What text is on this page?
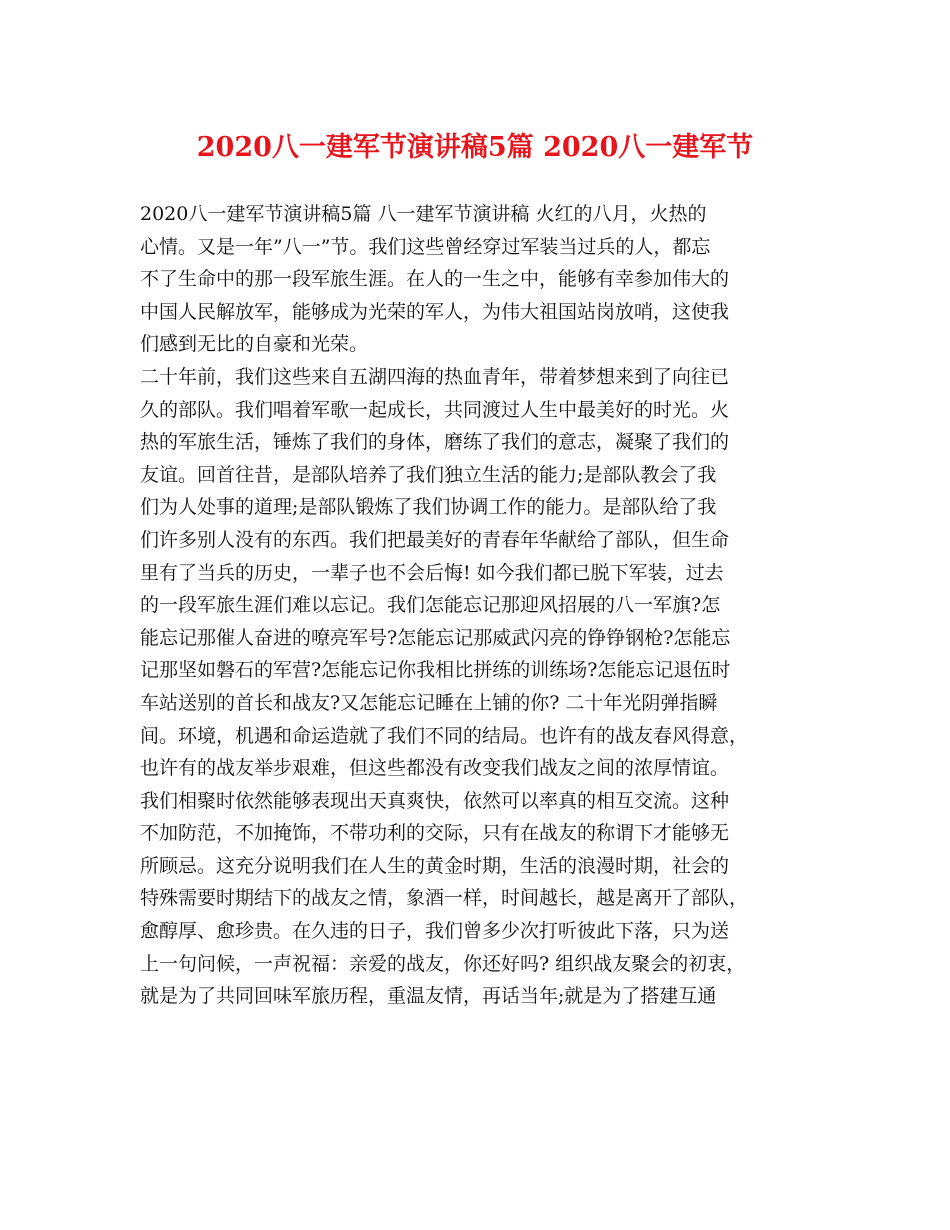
2020八一建军节演讲稿5篇 2020八一建军节
2020八一建军节演讲稿5篇 八一建军节演讲稿 火红的八月，火热的
心情。又是一年”八一”节。我们这些曾经穿过军装当过兵的人，都忘
不了生命中的那一段军旅生涯。在人的一生之中，能够有幸参加伟大的
中国人民解放军，能够成为光荣的军人，为伟大祖国站岗放哨，这使我
们感到无比的自豪和光荣。
二十年前，我们这些来自五湖四海的热血青年，带着梦想来到了向往已
久的部队。我们唱着军歌一起成长，共同渡过人生中最美好的时光。火
热的军旅生活，锤炼了我们的身体，磨练了我们的意志，凝聚了我们的
友谊。回首往昔，是部队培养了我们独立生活的能力;是部队教会了我
们为人处事的道理;是部队锻炼了我们协调工作的能力。是部队给了我
们许多别人没有的东西。我们把最美好的青春年华献给了部队，但生命
里有了当兵的历史，一辈子也不会后悔! 如今我们都已脱下军装，过去
的一段军旅生涯们难以忘记。我们怎能忘记那迎风招展的八一军旗?怎
能忘记那催人奋进的嘹亮军号?怎能忘记那威武闪亮的铮铮钢枪?怎能忘
记那坚如磐石的军营?怎能忘记你我相比拼练的训练场?怎能忘记退伍时
车站送别的首长和战友?又怎能忘记睡在上铺的你? 二十年光阴弹指瞬
间。环境，机遇和命运造就了我们不同的结局。也许有的战友春风得意，
也许有的战友举步艰难，但这些都没有改变我们战友之间的浓厚情谊。
我们相聚时依然能够表现出天真爽快，依然可以率真的相互交流。这种
不加防范，不加掩饰，不带功利的交际，只有在战友的称谓下才能够无
所顾忌。这充分说明我们在人生的黄金时期，生活的浪漫时期，社会的
特殊需要时期结下的战友之情，象酒一样，时间越长，越是离开了部队，
愈醇厚、愈珍贵。在久违的日子，我们曾多少次打听彼此下落，只为送
上一句问候，一声祝福：亲爱的战友，你还好吗? 组织战友聚会的初衷，
就是为了共同回味军旅历程，重温友情，再话当年;就是为了搭建互通
